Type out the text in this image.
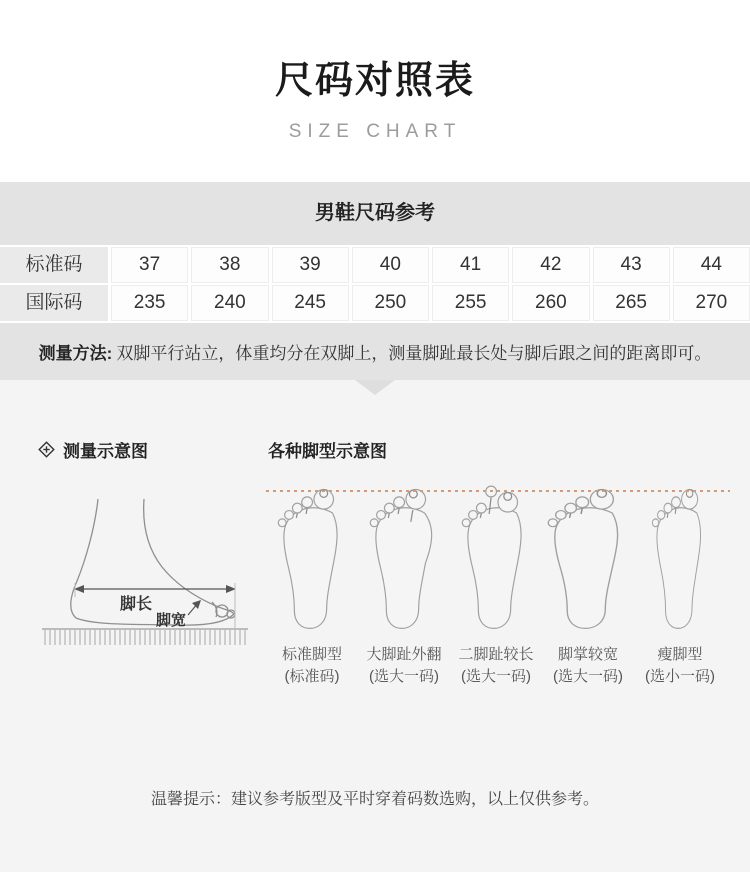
尺码对照表
SIZE CHART
男鞋尺码参考
标准码	37	38	39	40	41	42	43	44
国际码	235	240	245	250	255	260	265	270
测量方法: 双脚平行站立，体重均分在双脚上，测量脚趾最长处与脚后跟之间的距离即可。
测量示意图
脚长
脚宽
各种脚型示意图
标准脚型
(标准码)
大脚趾外翻
(选大一码)
二脚趾较长
(选大一码)
脚掌较宽
(选大一码)
瘦脚型
(选小一码)
温馨提示：建议参考版型及平时穿着码数选购，以上仅供参考。
